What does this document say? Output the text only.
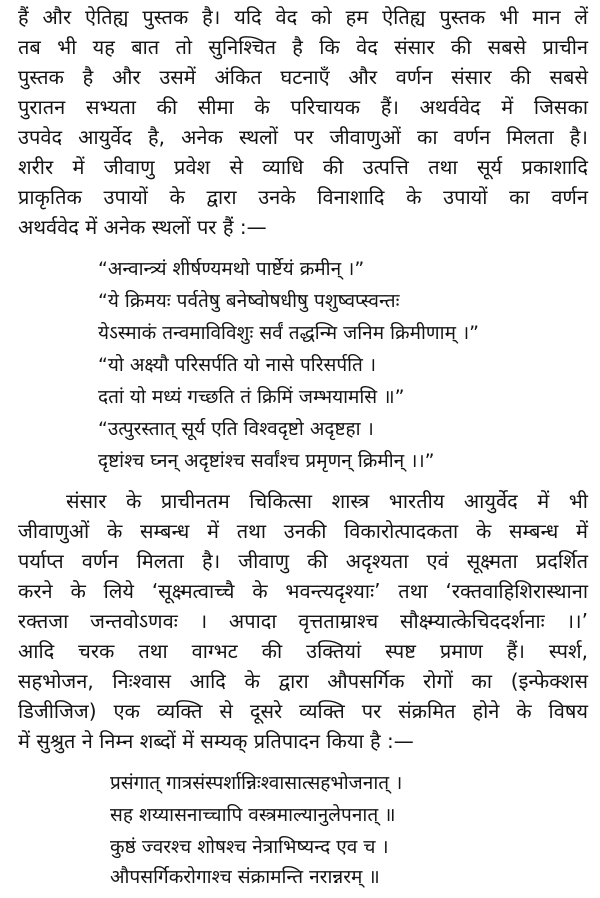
हैं और ऐतिह्य पुस्तक है। यदि वेद को हम ऐतिह्य पुस्तक भी मान लें
तब भी यह बात तो सुनिश्चित है कि वेद संसार की सबसे प्राचीन
पुस्तक है और उसमें अंकित घटनाएँ और वर्णन संसार की सबसे
पुरातन सभ्यता की सीमा के परिचायक हैं। अथर्ववेद में जिसका
उपवेद आयुर्वेद है, अनेक स्थलों पर जीवाणुओं का वर्णन मिलता है।
शरीर में जीवाणु प्रवेश से व्याधि की उत्पत्ति तथा सूर्य प्रकाशादि
प्राकृतिक उपायों के द्वारा उनके विनाशादि के उपायों का वर्णन
अथर्ववेद में अनेक स्थलों पर हैं :—
“अन्वान्त्र्यं शीर्षण्यमथो पार्ष्टेयं क्रमीन् ।”
“ये क्रिमयः पर्वतेषु बनेष्वोषधीषु पशुष्वप्स्वन्तः
येऽस्माकं तन्वमाविविशुः सर्वं तद्धन्मि जनिम क्रिमीणाम् ।”
“यो अक्ष्यौ परिसर्पति यो नासे परिसर्पति ।
दतां यो मध्यं गच्छति तं क्रिमिं जम्भयामसि ॥”
“उत्पुरस्तात् सूर्य एति विश्वदृष्टो अदृष्टहा ।
दृष्टांश्च घ्नन् अदृष्टांश्च सर्वांश्च प्रमृणन् क्रिमीन् ।।”
संसार के प्राचीनतम चिकित्सा शास्त्र भारतीय आयुर्वेद में भी
जीवाणुओं के सम्बन्ध में तथा उनकी विकारोत्पादकता के सम्बन्ध में
पर्याप्त वर्णन मिलता है। जीवाणु की अदृश्यता एवं सूक्ष्मता प्रदर्शित
करने के लिये ‘सूक्ष्मत्वाच्चै के भवन्त्यदृश्याः’ तथा ‘रक्तवाहिशिरास्थाना
रक्तजा जन्तवोऽणवः । अपादा वृत्तताम्राश्च सौक्ष्म्यात्केचिददर्शनाः ।।’
आदि चरक तथा वाग्भट की उक्तियां स्पष्ट प्रमाण हैं। स्पर्श,
सहभोजन, निःश्वास आदि के द्वारा औपसर्गिक रोगों का (इन्फेक्शस
डिजीजिज) एक व्यक्ति से दूसरे व्यक्ति पर संक्रमित होने के विषय
में सुश्रुत ने निम्न शब्दों में सम्यक् प्रतिपादन किया है :—
प्रसंगात् गात्रसंस्पर्शान्निःश्वासात्सहभोजनात् ।
सह शय्यासनाच्चापि वस्त्रमाल्यानुलेपनात् ॥
कुष्ठं ज्वरश्च शोषश्च नेत्राभिष्यन्द एव च ।
औपसर्गिकरोगाश्च संक्रामन्ति नरान्नरम् ॥
